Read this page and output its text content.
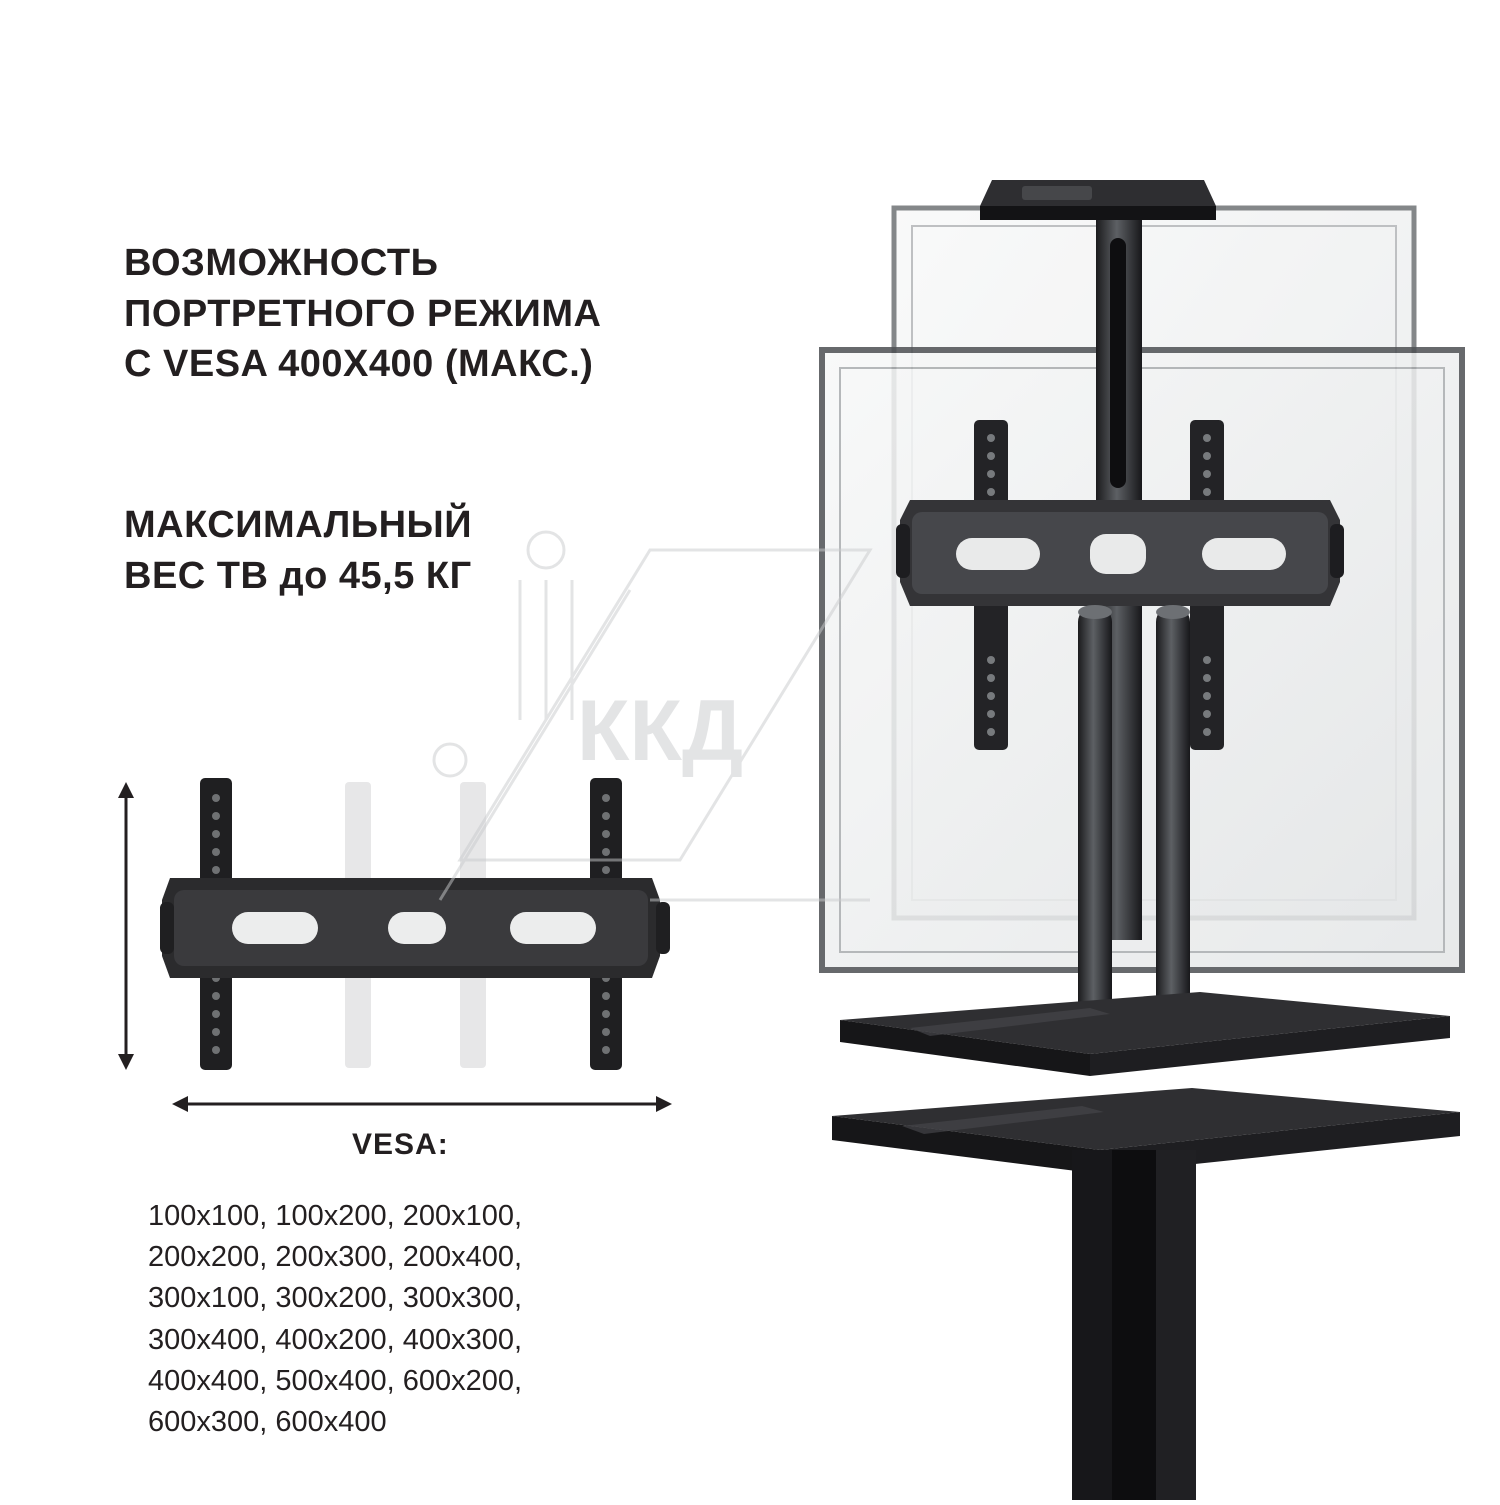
ВОЗМОЖНОСТЬ
ПОРТРЕТНОГО РЕЖИМА
С VESA 400X400 (МАКС.)
МАКСИМАЛЬНЫЙ
ВЕС ТВ до 45,5 КГ
VESA:
100x100, 100x200, 200x100,
200x200, 200x300, 200x400,
300x100, 300x200, 300x300,
300x400, 400x200, 400x300,
400x400, 500x400, 600x200,
600x300, 600x400
ККД
